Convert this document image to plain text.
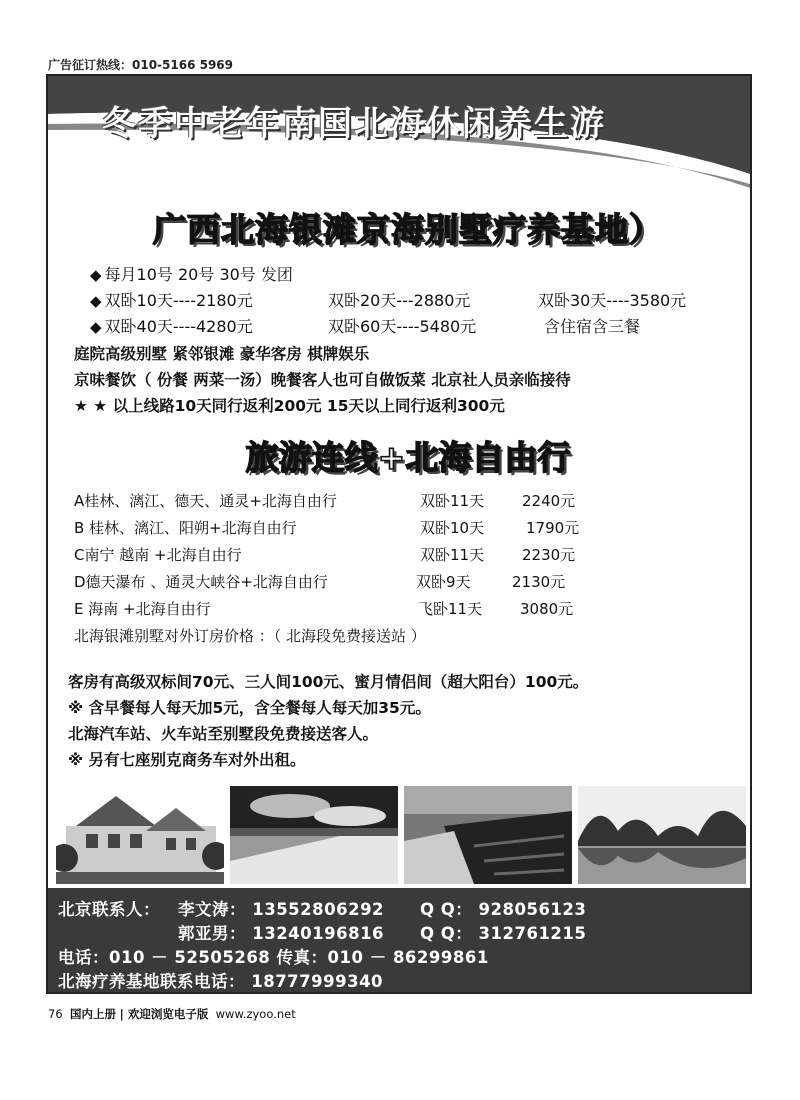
广告征订热线：010-5166 5969
冬季中老年南国北海休闲养生游
广西北海银滩京海别墅疗养基地）
◆ 每月10号 20号 30号 发团
◆ 双卧10天----2180元	双卧20天---2880元	双卧30天----3580元
◆ 双卧40天----4280元	双卧60天----5480元	含住宿含三餐
庭院高级别墅 紧邻银滩 豪华客房 棋牌娱乐
京味餐饮（ 份餐 两菜一汤）晚餐客人也可自做饭菜 北京社人员亲临接待
★ ★ 以上线路10天同行返利200元 15天以上同行返利300元
旅游连线+北海自由行
A桂林、漓江、德天、通灵+北海自由行	双卧11天	2240元
B 桂林、漓江、阳朔+北海自由行	双卧10天	1790元
C南宁 越南 +北海自由行	双卧11天	2230元
D德天瀑布 、通灵大峡谷+北海自由行	双卧9天	2130元
E 海南 +北海自由行	飞卧11天	3080元
北海银滩别墅对外订房价格 ：（ 北海段免费接送站 ）
客房有高级双标间70元、三人间100元、蜜月情侣间（超大阳台）100元。
※ 含早餐每人每天加5元，含全餐每人每天加35元。
北海汽车站、火车站至别墅段免费接送客人。
※ 另有七座别克商务车对外出租。
北京联系人： 李文涛： 13552806292 Q Q： 928056123
郭亚男： 13240196816 Q Q： 312761215
电话：010 － 52505268 传真：010 － 86299861
北海疗养基地联系电话： 18777999340
76 国内上册 | 欢迎浏览电子版 www.zyoo.net
